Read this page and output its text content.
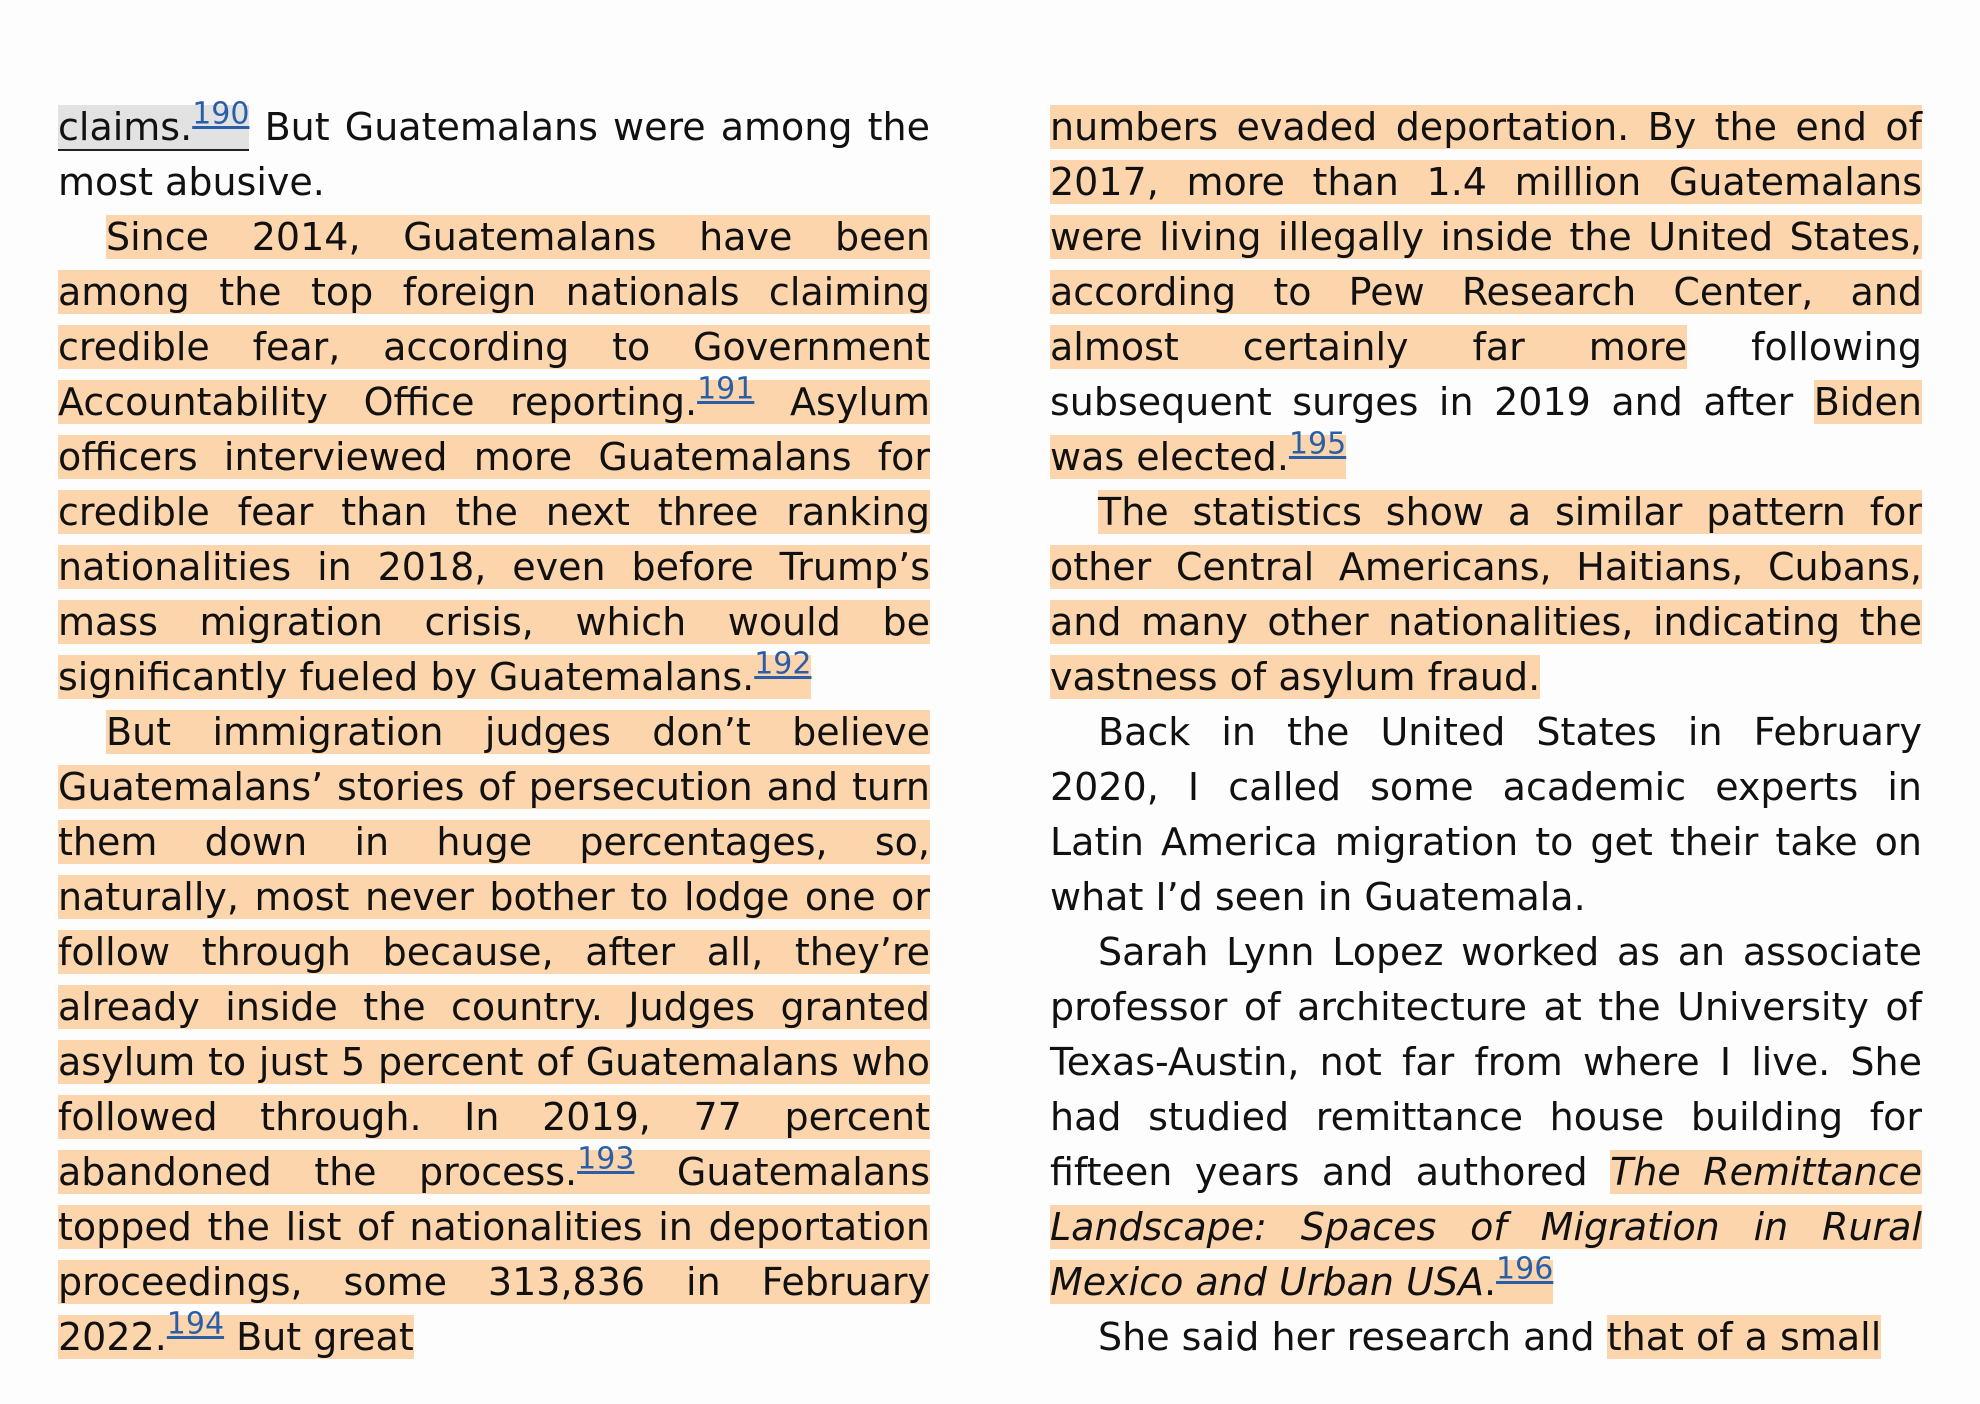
claims.$^{190}$ But Guatemalans were among the most abusive.

Since 2014, Guatemalans have been among the top foreign nationals claiming credible fear, according to Government Accountability Office reporting.$^{191}$ Asylum officers interviewed more Guatemalans for credible fear than the next three ranking nationalities in 2018, even before Trump’s mass migration crisis, which would be significantly fueled by Guatemalans.$^{192}$

But immigration judges don’t believe Guatemalans’ stories of persecution and turn them down in huge percentages, so, naturally, most never bother to lodge one or follow through because, after all, they’re already inside the country. Judges granted asylum to just 5 percent of Guatemalans who followed through. In 2019, 77 percent abandoned the process.$^{193}$ Guatemalans topped the list of nationalities in deportation proceedings, some 313,836 in February 2022.$^{194}$ But great

numbers evaded deportation. By the end of 2017, more than 1.4 million Guatemalans were living illegally inside the United States, according to Pew Research Center, and almost certainly far more following subsequent surges in 2019 and after Biden was elected.$^{195}$

The statistics show a similar pattern for other Central Americans, Haitians, Cubans, and many other nationalities, indicating the vastness of asylum fraud.

Back in the United States in February 2020, I called some academic experts in Latin America migration to get their take on what I’d seen in Guatemala.

Sarah Lynn Lopez worked as an associate professor of architecture at the University of Texas-Austin, not far from where I live. She had studied remittance house building for fifteen years and authored The Remittance Landscape: Spaces of Migration in Rural Mexico and Urban USA.$^{196}$

She said her research and that of a small
